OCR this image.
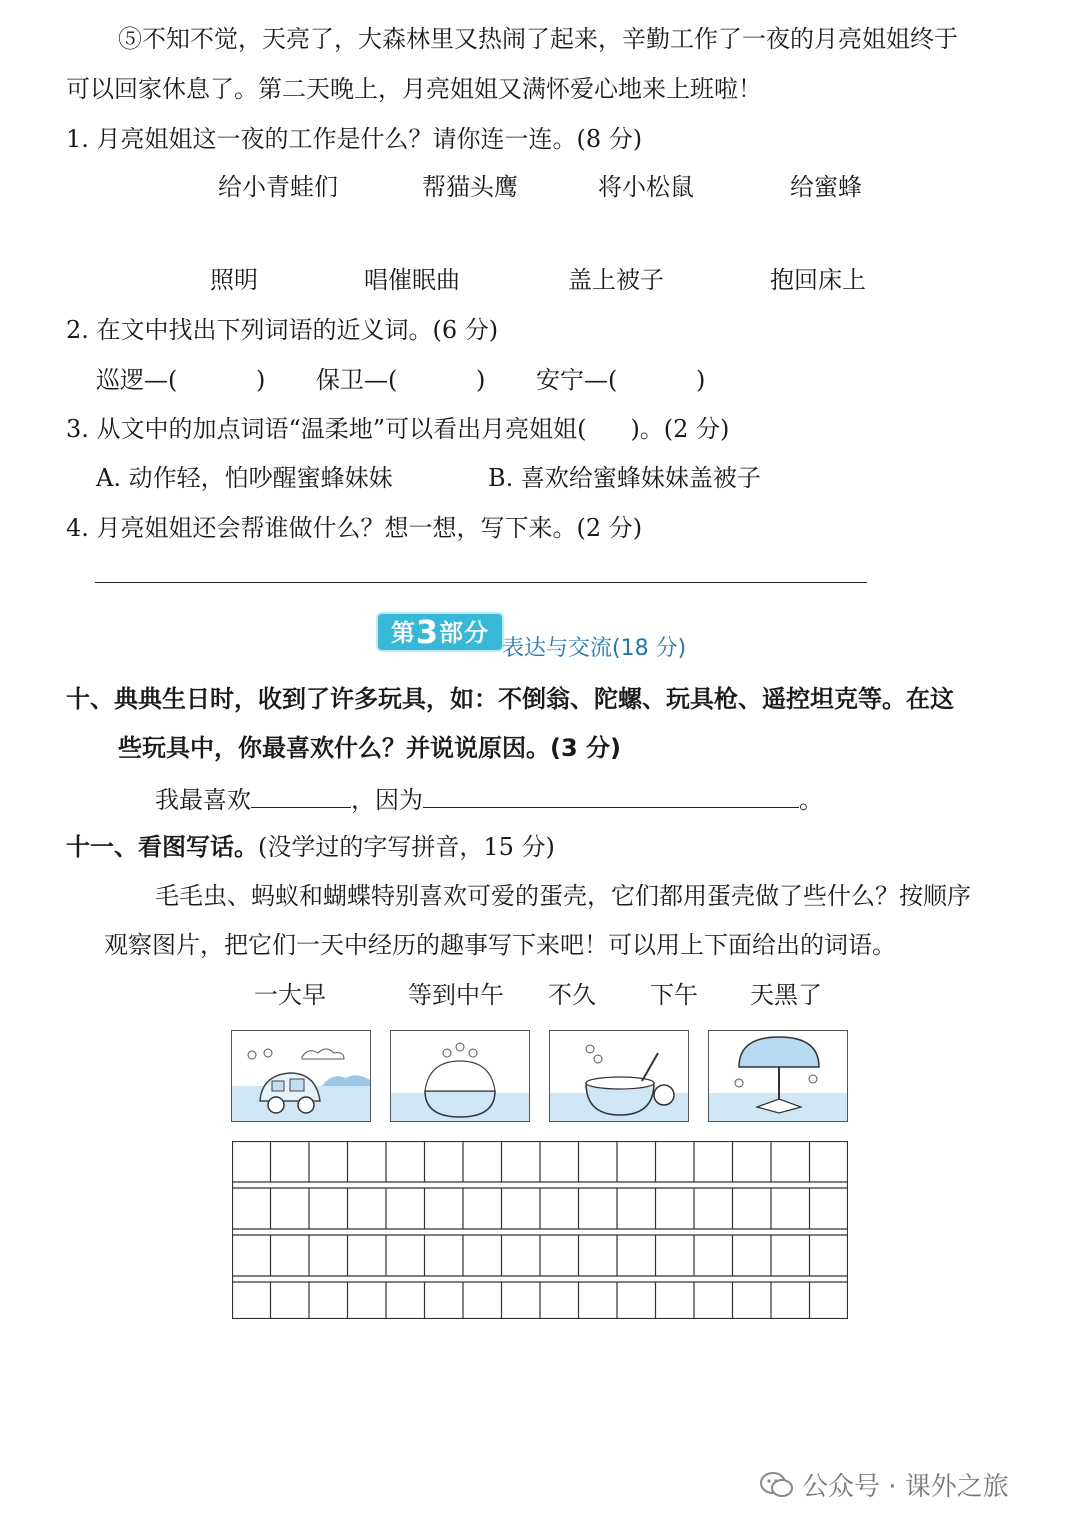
⑤不知不觉，天亮了，大森林里又热闹了起来，辛勤工作了一夜的月亮姐姐终于
可以回家休息了。第二天晚上，月亮姐姐又满怀爱心地来上班啦！
1. 月亮姐姐这一夜的工作是什么？请你连一连。(8 分)
给小青蛙们	帮猫头鹰	将小松鼠	给蜜蜂
照明	唱催眠曲	盖上被子	抱回床上
2. 在文中找出下列词语的近义词。(6 分)
巡逻—(	) 保卫—(	) 安宁—(	)
3. 从文中的加点词语“温柔地”可以看出月亮姐姐( )。(2 分)
A. 动作轻，怕吵醒蜜蜂妹妹	B. 喜欢给蜜蜂妹妹盖被子
4. 月亮姐姐还会帮谁做什么？想一想，写下来。(2 分)
第3部分
表达与交流(18 分)
十、典典生日时，收到了许多玩具，如：不倒翁、陀螺、玩具枪、遥控坦克等。在这
些玩具中，你最喜欢什么？并说说原因。(3 分)
我最喜欢	，因为	。
十一、看图写话。(没学过的字写拼音，15 分)
毛毛虫、蚂蚁和蝴蝶特别喜欢可爱的蛋壳，它们都用蛋壳做了些什么？按顺序
观察图片，把它们一天中经历的趣事写下来吧！可以用上下面给出的词语。
一大早	等到中午 不久 下午 天黑了
公众号 · 课外之旅
